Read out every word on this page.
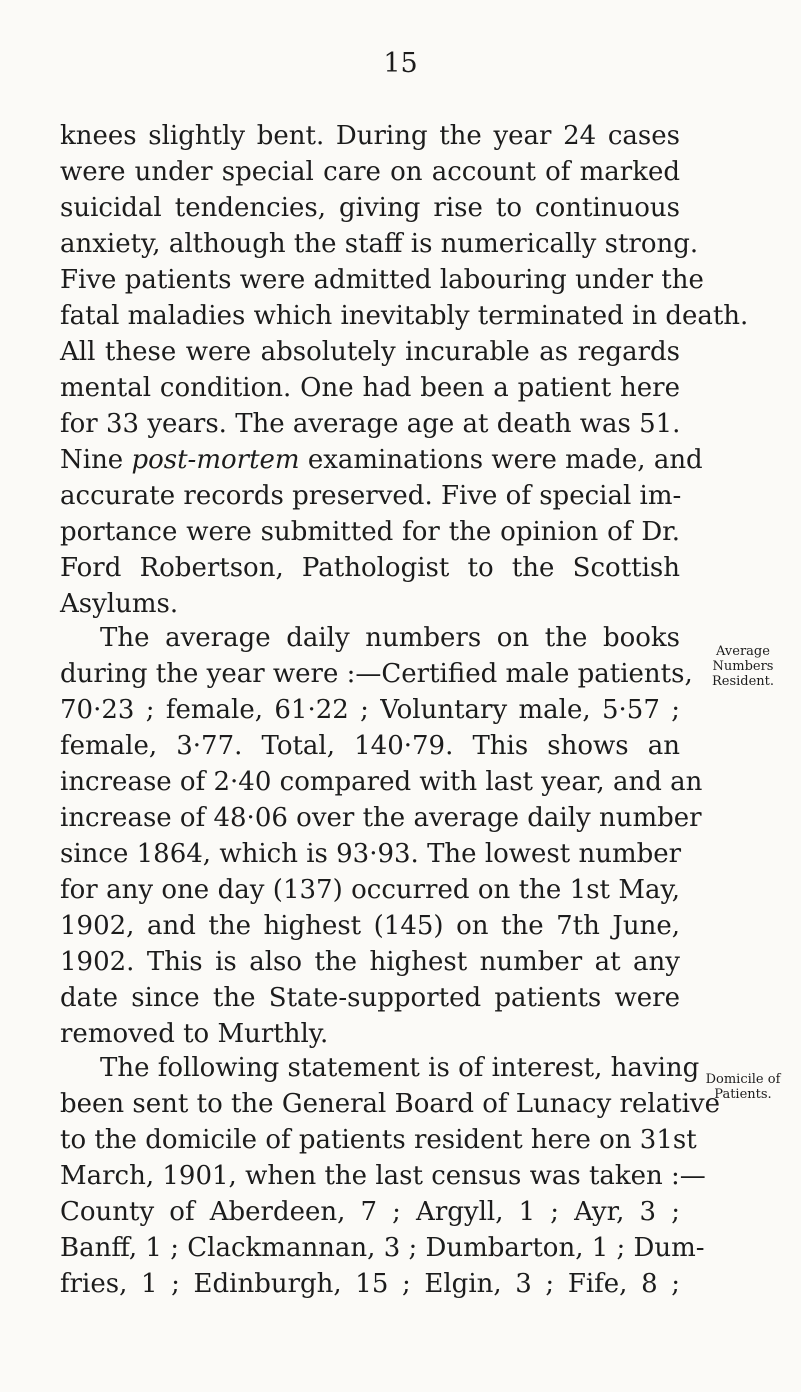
15
knees slightly bent. During the year 24 cases
were under special care on account of marked
suicidal tendencies, giving rise to continuous
anxiety, although the staff is numerically strong.
Five patients were admitted labouring under the
fatal maladies which inevitably terminated in death.
All these were absolutely incurable as regards
mental condition. One had been a patient here
for 33 years. The average age at death was 51.
Nine post-mortem examinations were made, and
accurate records preserved. Five of special im-
portance were submitted for the opinion of Dr.
Ford Robertson, Pathologist to the Scottish
Asylums.
The average daily numbers on the books
during the year were :—Certified male patients,
70·23 ; female, 61·22 ; Voluntary male, 5·57 ;
female, 3·77. Total, 140·79. This shows an
increase of 2·40 compared with last year, and an
increase of 48·06 over the average daily number
since 1864, which is 93·93. The lowest number
for any one day (137) occurred on the 1st May,
1902, and the highest (145) on the 7th June,
1902. This is also the highest number at any
date since the State-supported patients were
removed to Murthly.
The following statement is of interest, having
been sent to the General Board of Lunacy relative
to the domicile of patients resident here on 31st
March, 1901, when the last census was taken :—
County of Aberdeen, 7 ; Argyll, 1 ; Ayr, 3 ;
Banff, 1 ; Clackmannan, 3 ; Dumbarton, 1 ; Dum-
fries, 1 ; Edinburgh, 15 ; Elgin, 3 ; Fife, 8 ;
Average
Numbers
Resident.
Domicile of
Patients.
